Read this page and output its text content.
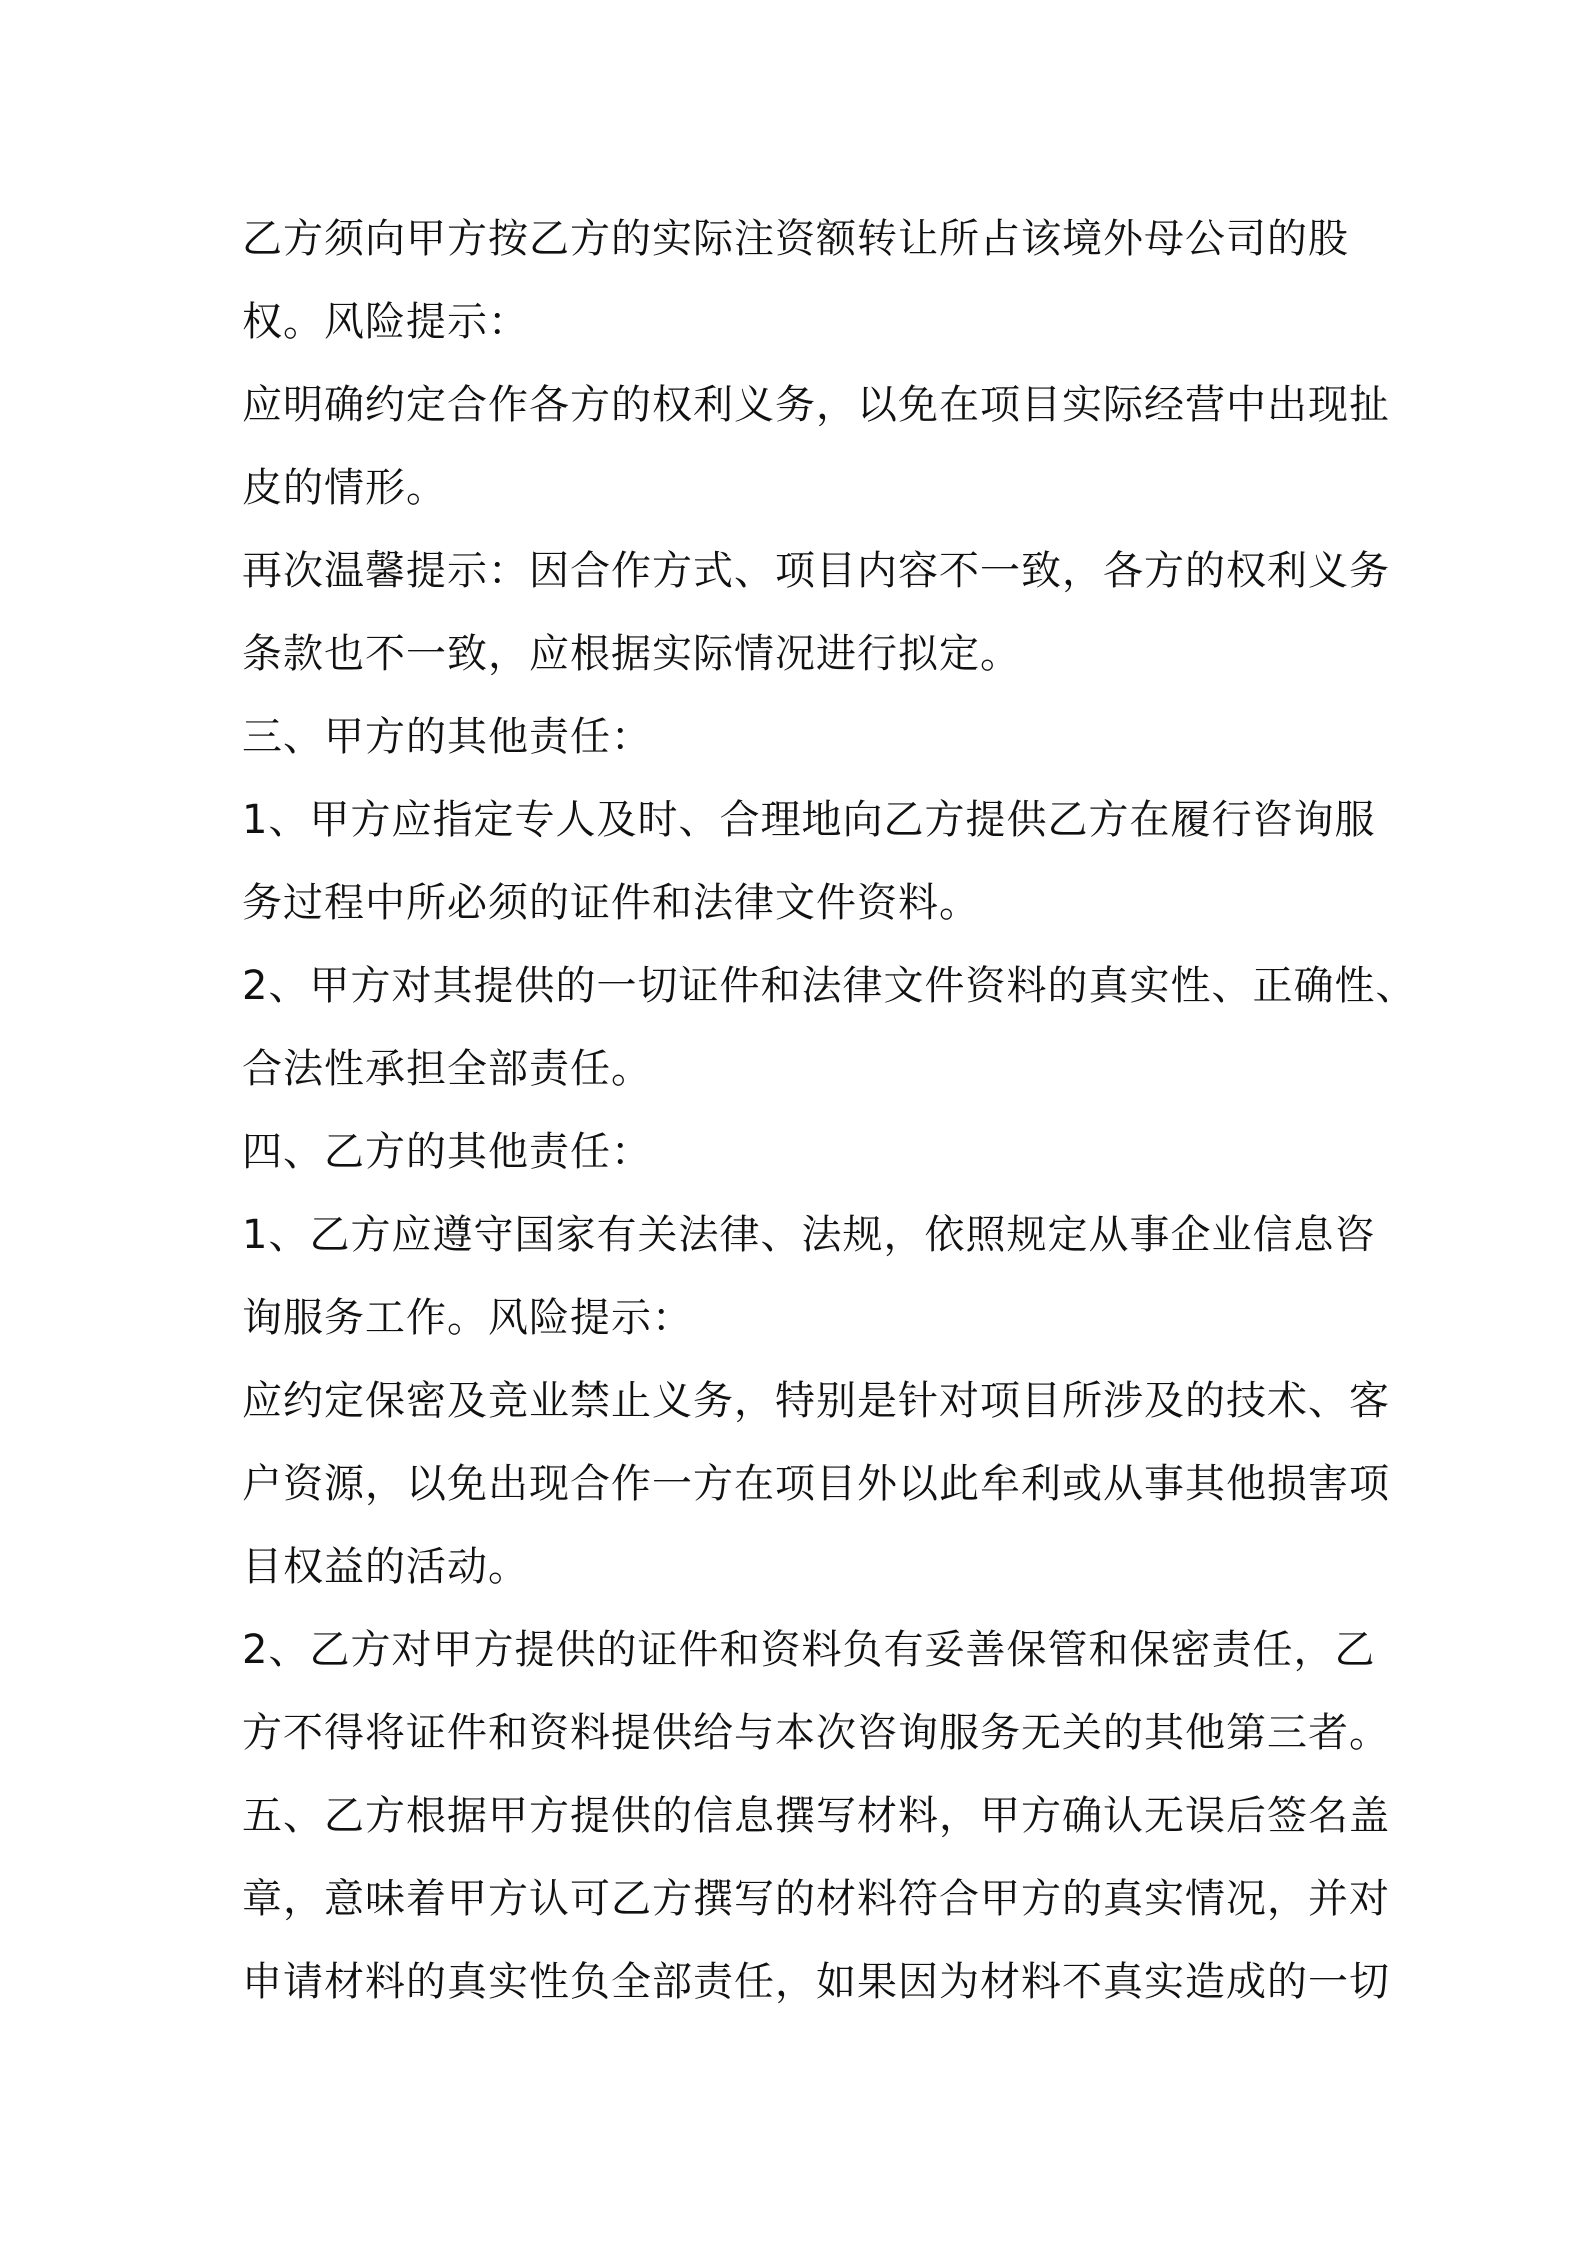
乙方须向甲方按乙方的实际注资额转让所占该境外母公司的股
权。风险提示：
应明确约定合作各方的权利义务，以免在项目实际经营中出现扯
皮的情形。
再次温馨提示：因合作方式、项目内容不一致，各方的权利义务
条款也不一致，应根据实际情况进行拟定。
三、甲方的其他责任：
1、甲方应指定专人及时、合理地向乙方提供乙方在履行咨询服
务过程中所必须的证件和法律文件资料。
2、甲方对其提供的一切证件和法律文件资料的真实性、正确性、
合法性承担全部责任。
四、乙方的其他责任：
1、乙方应遵守国家有关法律、法规，依照规定从事企业信息咨
询服务工作。风险提示：
应约定保密及竞业禁止义务，特别是针对项目所涉及的技术、客
户资源，以免出现合作一方在项目外以此牟利或从事其他损害项
目权益的活动。
2、乙方对甲方提供的证件和资料负有妥善保管和保密责任，乙
方不得将证件和资料提供给与本次咨询服务无关的其他第三者。
五、乙方根据甲方提供的信息撰写材料，甲方确认无误后签名盖
章，意味着甲方认可乙方撰写的材料符合甲方的真实情况，并对
申请材料的真实性负全部责任，如果因为材料不真实造成的一切
